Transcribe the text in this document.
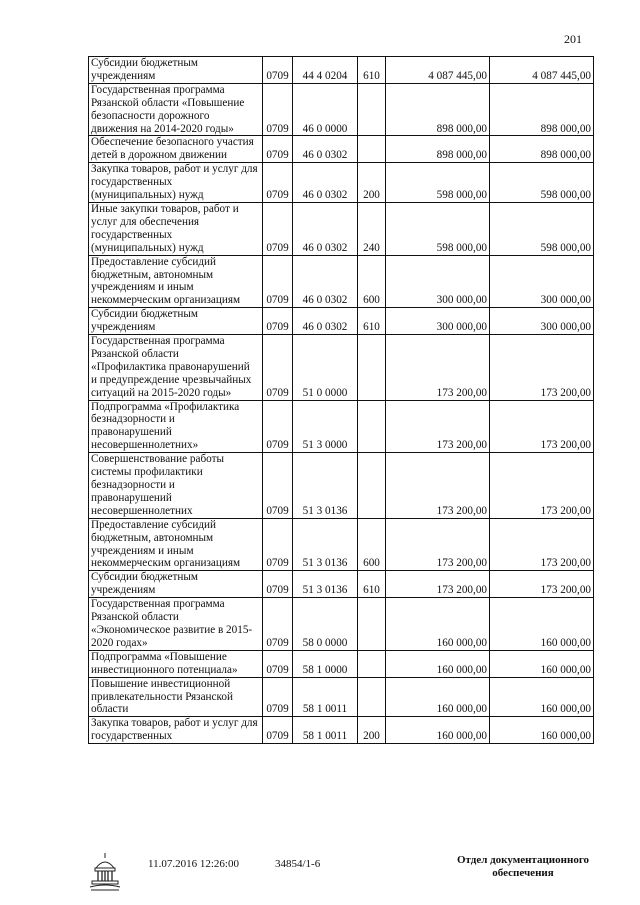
201
Субсидии бюджетным
учреждениям	0709	44 4 0204	610	4 087 445,00	4 087 445,00
Государственная программа
Рязанской области «Повышение
безопасности дорожного
движения на 2014-2020 годы»	0709	46 0 0000		898 000,00	898 000,00
Обеспечение безопасного участия
детей в дорожном движении	0709	46 0 0302		898 000,00	898 000,00
Закупка товаров, работ и услуг для
государственных
(муниципальных) нужд	0709	46 0 0302	200	598 000,00	598 000,00
Иные закупки товаров, работ и
услуг для обеспечения
государственных
(муниципальных) нужд	0709	46 0 0302	240	598 000,00	598 000,00
Предоставление субсидий
бюджетным, автономным
учреждениям и иным
некоммерческим организациям	0709	46 0 0302	600	300 000,00	300 000,00
Субсидии бюджетным
учреждениям	0709	46 0 0302	610	300 000,00	300 000,00
Государственная программа
Рязанской области
«Профилактика правонарушений
и предупреждение чрезвычайных
ситуаций на 2015-2020 годы»	0709	51 0 0000		173 200,00	173 200,00
Подпрограмма «Профилактика
безнадзорности и
правонарушений
несовершеннолетних»	0709	51 3 0000		173 200,00	173 200,00
Совершенствование работы
системы профилактики
безнадзорности и
правонарушений
несовершеннолетних	0709	51 3 0136		173 200,00	173 200,00
Предоставление субсидий
бюджетным, автономным
учреждениям и иным
некоммерческим организациям	0709	51 3 0136	600	173 200,00	173 200,00
Субсидии бюджетным
учреждениям	0709	51 3 0136	610	173 200,00	173 200,00
Государственная программа
Рязанской области
«Экономическое развитие в 2015-
2020 годах»	0709	58 0 0000		160 000,00	160 000,00
Подпрограмма «Повышение
инвестиционного потенциала»	0709	58 1 0000		160 000,00	160 000,00
Повышение инвестиционной
привлекательности Рязанской
области	0709	58 1 0011		160 000,00	160 000,00
Закупка товаров, работ и услуг для
государственных	0709	58 1 0011	200	160 000,00	160 000,00
11.07.2016 12:26:00	34854/1-6	Отдел документационного
обеспечения
